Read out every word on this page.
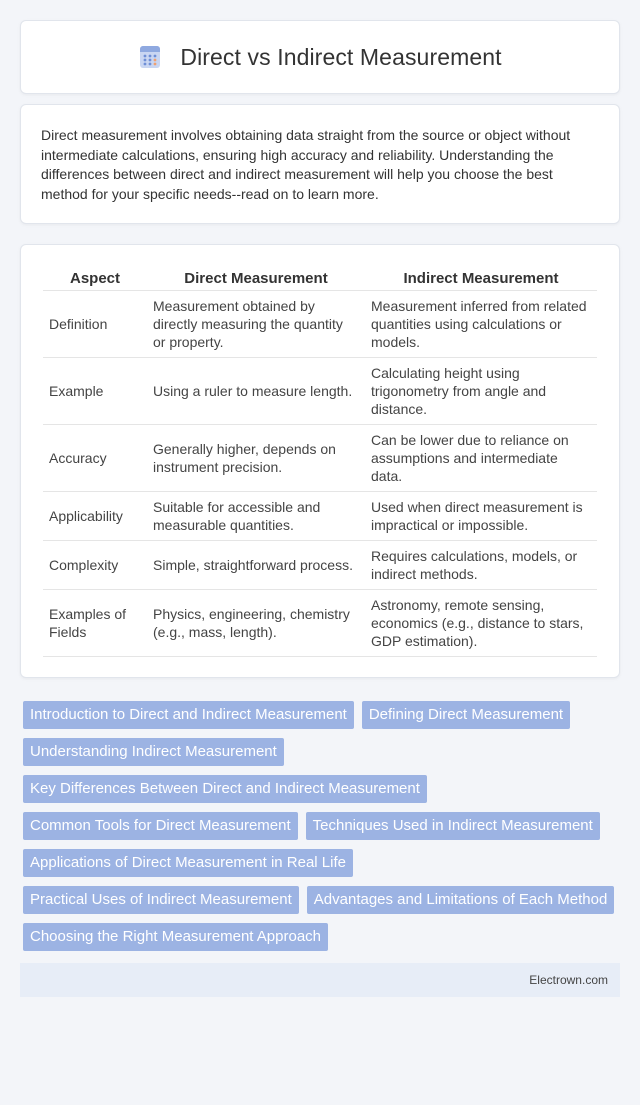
Direct vs Indirect Measurement

Direct measurement involves obtaining data straight from the source or object without intermediate calculations, ensuring high accuracy and reliability. Understanding the differences between direct and indirect measurement will help you choose the best method for your specific needs--read on to learn more.

Aspect	Direct Measurement	Indirect Measurement
Definition	Measurement obtained by directly measuring the quantity or property.	Measurement inferred from related quantities using calculations or models.
Example	Using a ruler to measure length.	Calculating height using trigonometry from angle and distance.
Accuracy	Generally higher, depends on instrument precision.	Can be lower due to reliance on assumptions and intermediate data.
Applicability	Suitable for accessible and measurable quantities.	Used when direct measurement is impractical or impossible.
Complexity	Simple, straightforward process.	Requires calculations, models, or indirect methods.
Examples of Fields	Physics, engineering, chemistry (e.g., mass, length).	Astronomy, remote sensing, economics (e.g., distance to stars, GDP estimation).
Introduction to Direct and Indirect Measurement	Defining Direct Measurement
Understanding Indirect Measurement
Key Differences Between Direct and Indirect Measurement
Common Tools for Direct Measurement	Techniques Used in Indirect Measurement
Applications of Direct Measurement in Real Life
Practical Uses of Indirect Measurement	Advantages and Limitations of Each Method
Choosing the Right Measurement Approach
Electrown.com
